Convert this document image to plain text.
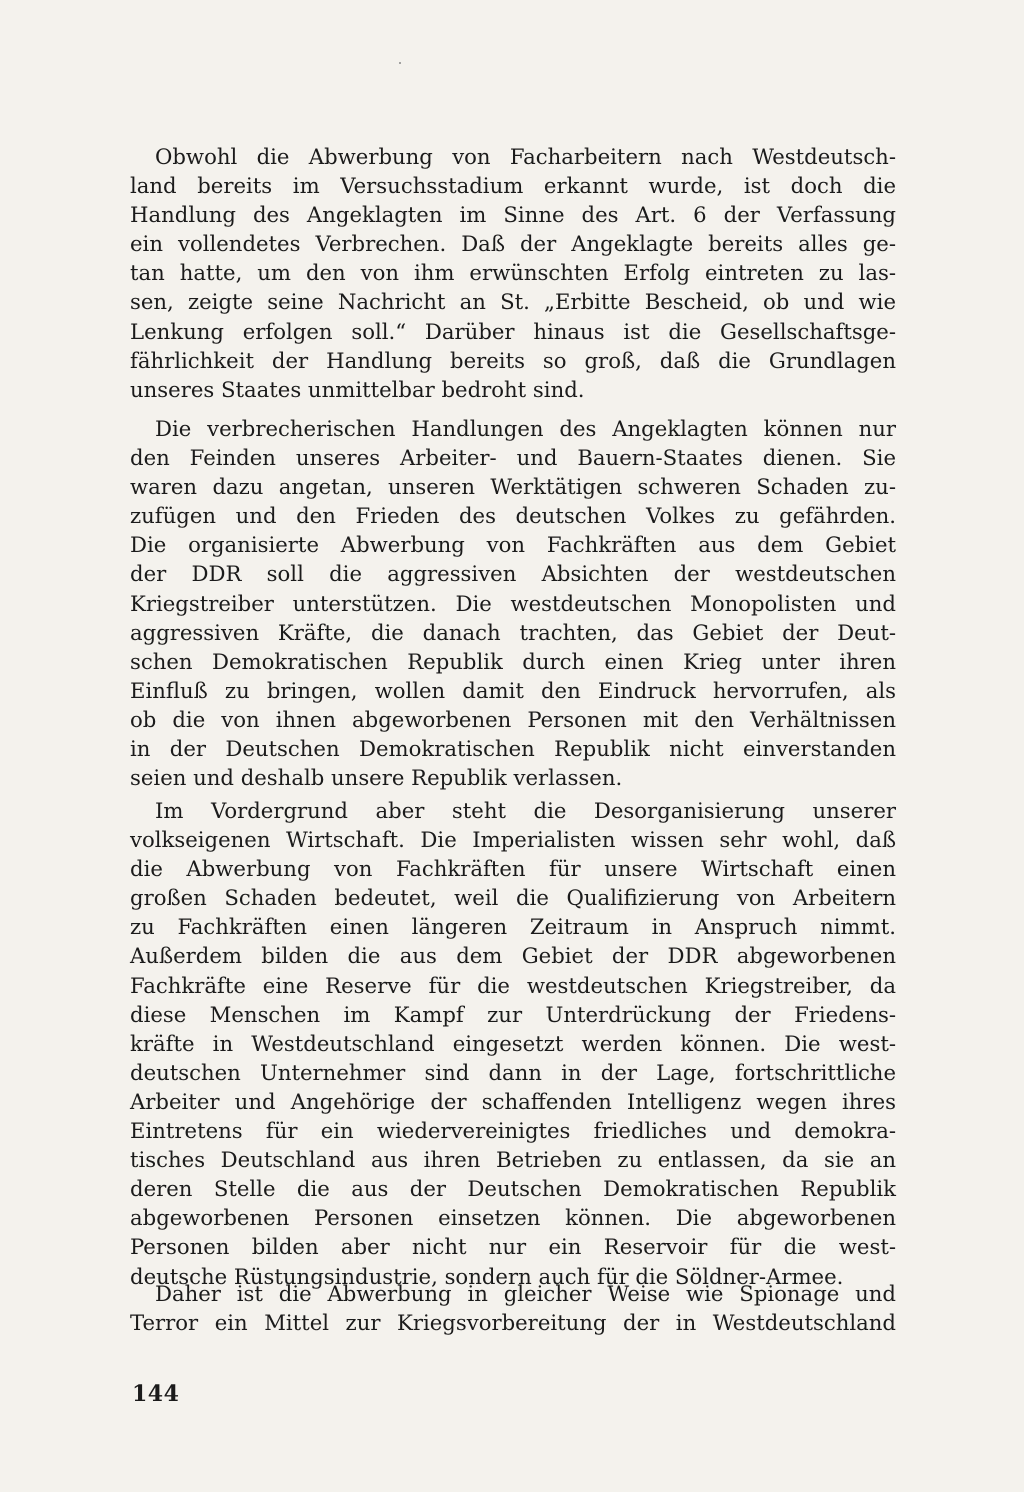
Obwohl die Abwerbung von Facharbeitern nach Westdeutsch-
land bereits im Versuchsstadium erkannt wurde, ist doch die
Handlung des Angeklagten im Sinne des Art. 6 der Verfassung
ein vollendetes Verbrechen. Daß der Angeklagte bereits alles ge-
tan hatte, um den von ihm erwünschten Erfolg eintreten zu las-
sen, zeigte seine Nachricht an St. „Erbitte Bescheid, ob und wie
Lenkung erfolgen soll.“ Darüber hinaus ist die Gesellschaftsge-
fährlichkeit der Handlung bereits so groß, daß die Grundlagen
unseres Staates unmittelbar bedroht sind.
Die verbrecherischen Handlungen des Angeklagten können nur
den Feinden unseres Arbeiter- und Bauern-Staates dienen. Sie
waren dazu angetan, unseren Werktätigen schweren Schaden zu-
zufügen und den Frieden des deutschen Volkes zu gefährden.
Die organisierte Abwerbung von Fachkräften aus dem Gebiet
der DDR soll die aggressiven Absichten der westdeutschen
Kriegstreiber unterstützen. Die westdeutschen Monopolisten und
aggressiven Kräfte, die danach trachten, das Gebiet der Deut-
schen Demokratischen Republik durch einen Krieg unter ihren
Einfluß zu bringen, wollen damit den Eindruck hervorrufen, als
ob die von ihnen abgeworbenen Personen mit den Verhältnissen
in der Deutschen Demokratischen Republik nicht einverstanden
seien und deshalb unsere Republik verlassen.
Im Vordergrund aber steht die Desorganisierung unserer
volkseigenen Wirtschaft. Die Imperialisten wissen sehr wohl, daß
die Abwerbung von Fachkräften für unsere Wirtschaft einen
großen Schaden bedeutet, weil die Qualifizierung von Arbeitern
zu Fachkräften einen längeren Zeitraum in Anspruch nimmt.
Außerdem bilden die aus dem Gebiet der DDR abgeworbenen
Fachkräfte eine Reserve für die westdeutschen Kriegstreiber, da
diese Menschen im Kampf zur Unterdrückung der Friedens-
kräfte in Westdeutschland eingesetzt werden können. Die west-
deutschen Unternehmer sind dann in der Lage, fortschrittliche
Arbeiter und Angehörige der schaffenden Intelligenz wegen ihres
Eintretens für ein wiedervereinigtes friedliches und demokra-
tisches Deutschland aus ihren Betrieben zu entlassen, da sie an
deren Stelle die aus der Deutschen Demokratischen Republik
abgeworbenen Personen einsetzen können. Die abgeworbenen
Personen bilden aber nicht nur ein Reservoir für die west-
deutsche Rüstungsindustrie, sondern auch für die Söldner-Armee.
Daher ist die Abwerbung in gleicher Weise wie Spionage und
Terror ein Mittel zur Kriegsvorbereitung der in Westdeutschland
144
